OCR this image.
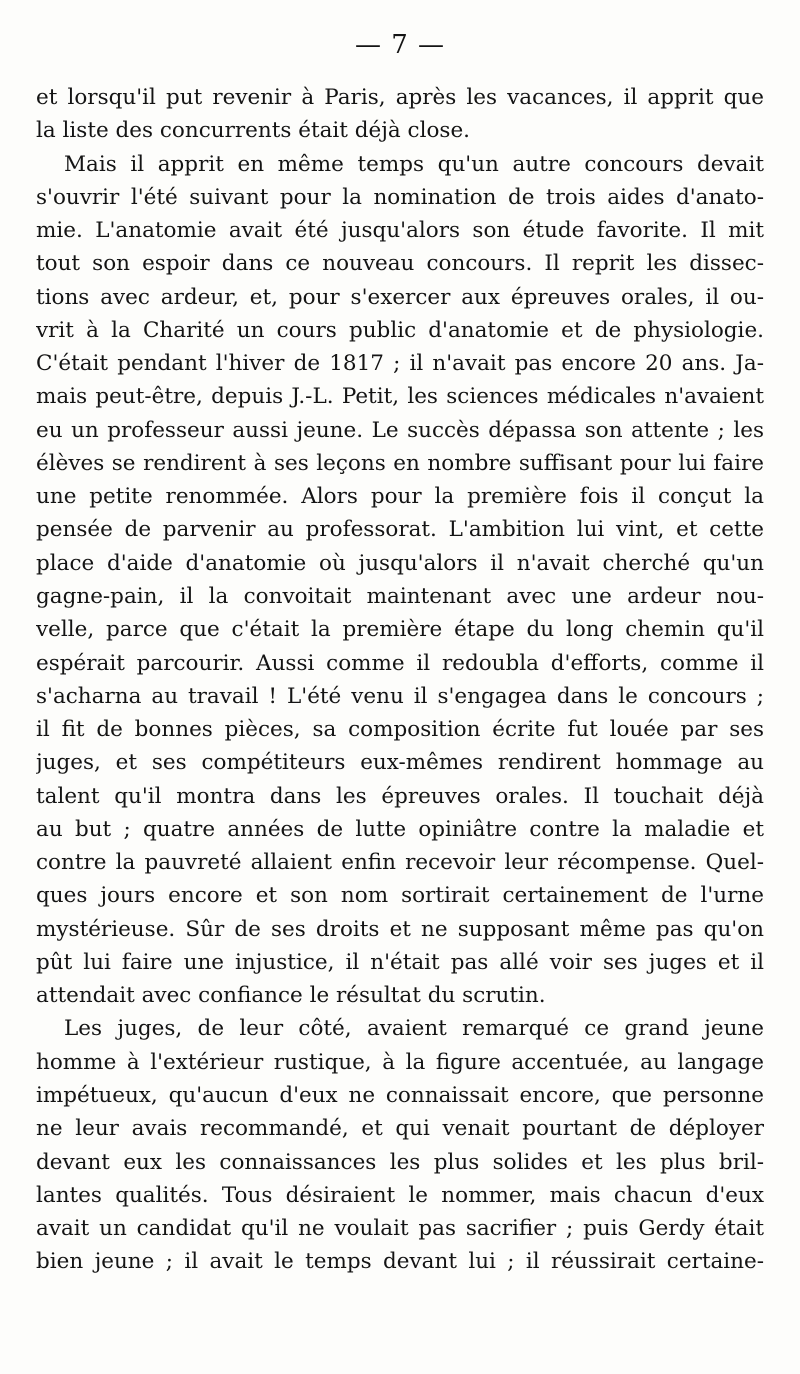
— 7 —
et lorsqu'il put revenir à Paris, après les vacances, il apprit que
la liste des concurrents était déjà close.
Mais il apprit en même temps qu'un autre concours devait
s'ouvrir l'été suivant pour la nomination de trois aides d'anato-
mie. L'anatomie avait été jusqu'alors son étude favorite. Il mit
tout son espoir dans ce nouveau concours. Il reprit les dissec-
tions avec ardeur, et, pour s'exercer aux épreuves orales, il ou-
vrit à la Charité un cours public d'anatomie et de physiologie.
C'était pendant l'hiver de 1817 ; il n'avait pas encore 20 ans. Ja-
mais peut-être, depuis J.-L. Petit, les sciences médicales n'avaient
eu un professeur aussi jeune. Le succès dépassa son attente ; les
élèves se rendirent à ses leçons en nombre suffisant pour lui faire
une petite renommée. Alors pour la première fois il conçut la
pensée de parvenir au professorat. L'ambition lui vint, et cette
place d'aide d'anatomie où jusqu'alors il n'avait cherché qu'un
gagne-pain, il la convoitait maintenant avec une ardeur nou-
velle, parce que c'était la première étape du long chemin qu'il
espérait parcourir. Aussi comme il redoubla d'efforts, comme il
s'acharna au travail ! L'été venu il s'engagea dans le concours ;
il fit de bonnes pièces, sa composition écrite fut louée par ses
juges, et ses compétiteurs eux-mêmes rendirent hommage au
talent qu'il montra dans les épreuves orales. Il touchait déjà
au but ; quatre années de lutte opiniâtre contre la maladie et
contre la pauvreté allaient enfin recevoir leur récompense. Quel-
ques jours encore et son nom sortirait certainement de l'urne
mystérieuse. Sûr de ses droits et ne supposant même pas qu'on
pût lui faire une injustice, il n'était pas allé voir ses juges et il
attendait avec confiance le résultat du scrutin.
Les juges, de leur côté, avaient remarqué ce grand jeune
homme à l'extérieur rustique, à la figure accentuée, au langage
impétueux, qu'aucun d'eux ne connaissait encore, que personne
ne leur avais recommandé, et qui venait pourtant de déployer
devant eux les connaissances les plus solides et les plus bril-
lantes qualités. Tous désiraient le nommer, mais chacun d'eux
avait un candidat qu'il ne voulait pas sacrifier ; puis Gerdy était
bien jeune ; il avait le temps devant lui ; il réussirait certaine-
